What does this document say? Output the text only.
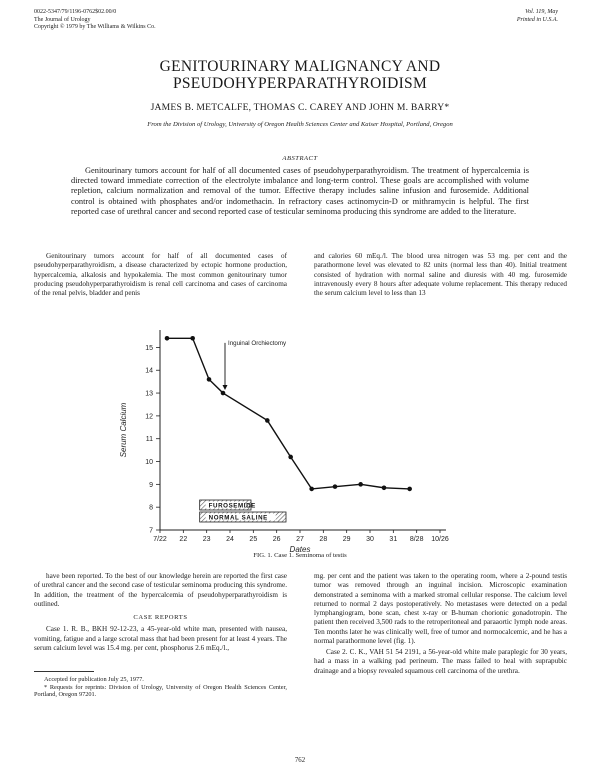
0022-5347/79/1196-0762$02.00/0
The Journal of Urology
Copyright © 1979 by The Williams & Wilkins Co.
Vol. 119, May
Printed in U.S.A.
GENITOURINARY MALIGNANCY AND
PSEUDOHYPERPARATHYROIDISM
JAMES B. METCALFE, THOMAS C. CAREY AND JOHN M. BARRY*
From the Division of Urology, University of Oregon Health Sciences Center and Kaiser Hospital, Portland, Oregon
ABSTRACT
Genitourinary tumors account for half of all documented cases of pseudohyperparathyroidism. The treatment of hypercalcemia is directed toward immediate correction of the electrolyte imbalance and long-term control. These goals are accomplished with volume repletion, calcium normalization and removal of the tumor. Effective therapy includes saline infusion and furosemide. Additional control is obtained with phosphates and/or indomethacin. In refractory cases actinomycin-D or mithramycin is helpful. The first reported case of urethral cancer and second reported case of testicular seminoma producing this syndrome are added to the literature.
Genitourinary tumors account for half of all documented cases of pseudohyperparathyroidism, a disease characterized by ectopic hormone production, hypercalcemia, alkalosis and hypokalemia. The most common genitourinary tumor producing pseudohyperparathyroidism is renal cell carcinoma and cases of carcinoma of the renal pelvis, bladder and penis
and calories 60 mEq./l. The blood urea nitrogen was 53 mg. per cent and the parathormone level was elevated to 82 units (normal less than 40). Initial treatment consisted of hydration with normal saline and diuresis with 40 mg. furosemide intravenously every 8 hours after adequate volume replacement. This therapy reduced the serum calcium level to less than 13
7
8
9
10
11
12
13
14
15
7/22 22 23 24 25 26 27 28 29 30 31 8/28 10/26
FUROSEMIDE
NORMAL SALINE
Inguinal Orchiectomy
Serum Calcium
Dates
FIG. 1. Case 1. Seminoma of testis

have been reported. To the best of our knowledge herein are reported the first case of urethral cancer and the second case of testicular seminoma producing this syndrome. In addition, the treatment of the hypercalcemia of pseudohyperparathyroidism is outlined.

CASE REPORTS

Case 1. R. B., BKH 92-12-23, a 45-year-old white man, presented with nausea, vomiting, fatigue and a large scrotal mass that had been present for at least 4 years. The serum calcium level was 15.4 mg. per cent, phosphorus 2.6 mEq./l.,

Accepted for publication July 25, 1977.

* Requests for reprints: Division of Urology, University of Oregon Health Sciences Center, Portland, Oregon 97201.

mg. per cent and the patient was taken to the operating room, where a 2-pound testis tumor was removed through an inguinal incision. Microscopic examination demonstrated a seminoma with a marked stromal cellular response. The calcium level returned to normal 2 days postoperatively. No metastases were detected on a pedal lymphangiogram, bone scan, chest x-ray or B-human chorionic gonadotropin. The patient then received 3,500 rads to the retroperitoneal and paraaortic lymph node areas. Ten months later he was clinically well, free of tumor and normocalcemic, and he has a normal parathormone level (fig. 1).

Case 2. C. K., VAH 51 54 2191, a 56-year-old white male paraplegic for 30 years, had a mass in a walking pad perineum. The mass failed to heal with suprapubic drainage and a biopsy revealed squamous cell carcinoma of the urethra.

762
